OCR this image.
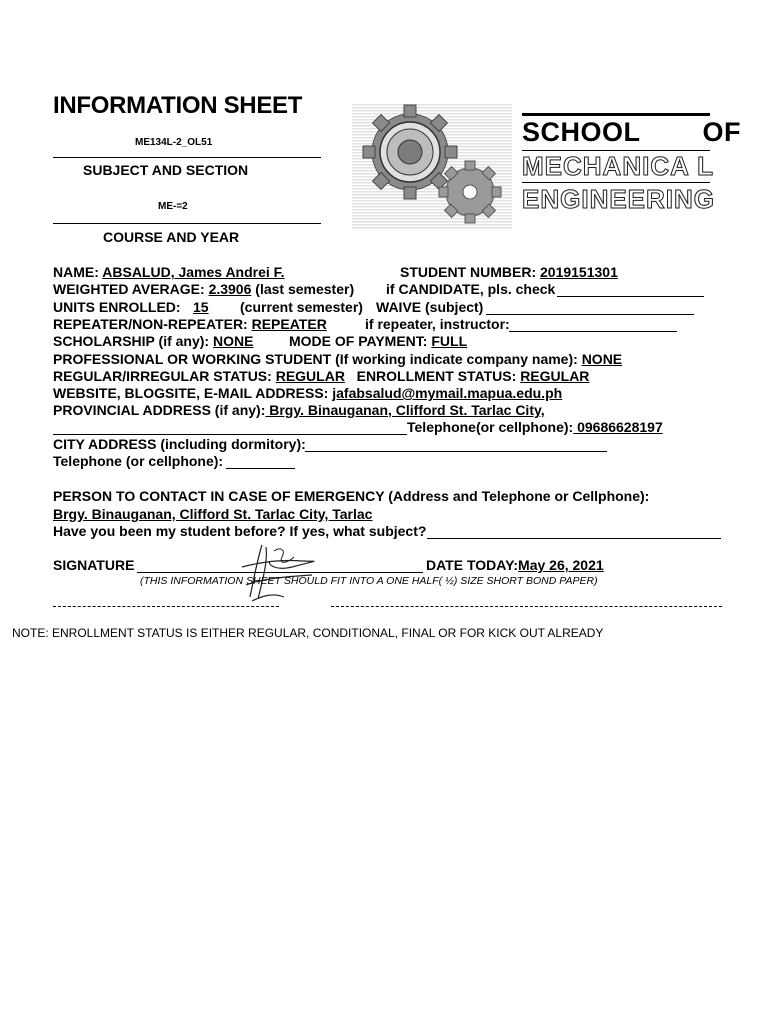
INFORMATION SHEET
ME134L-2_OL51
SUBJECT AND SECTION
ME-=2
COURSE AND YEAR
SCHOOL OF
MECHANICA L
ENGINEERING
NAME: ABSALUD, James Andrei F.	STUDENT NUMBER: 2019151301
WEIGHTED AVERAGE: 2.3906 (last semester) if CANDIDATE, pls. check
UNITS ENROLLED: 15 (current semester) WAIVE (subject)
REPEATER/NON-REPEATER: REPEATER	if repeater, instructor:
SCHOLARSHIP (if any): NONE	MODE OF PAYMENT: FULL
PROFESSIONAL OR WORKING STUDENT (If working indicate company name): NONE
REGULAR/IRREGULAR STATUS: REGULAR ENROLLMENT STATUS: REGULAR
WEBSITE, BLOGSITE, E-MAIL ADDRESS: jafabsalud@mymail.mapua.edu.ph
PROVINCIAL ADDRESS (if any): Brgy. Binauganan, Clifford St. Tarlac City,
Telephone(or cellphone): 09686628197
CITY ADDRESS (including dormitory):
Telephone (or cellphone):
PERSON TO CONTACT IN CASE OF EMERGENCY (Address and Telephone or Cellphone):
Brgy. Binauganan, Clifford St. Tarlac City, Tarlac
Have you been my student before? If yes, what subject?
SIGNATURE	DATE TODAY:May 26, 2021
(THIS INFORMATION SHEET SHOULD FIT INTO A ONE HALF( ½) SIZE SHORT BOND PAPER)
NOTE: ENROLLMENT STATUS IS EITHER REGULAR, CONDITIONAL, FINAL OR FOR KICK OUT ALREADY
